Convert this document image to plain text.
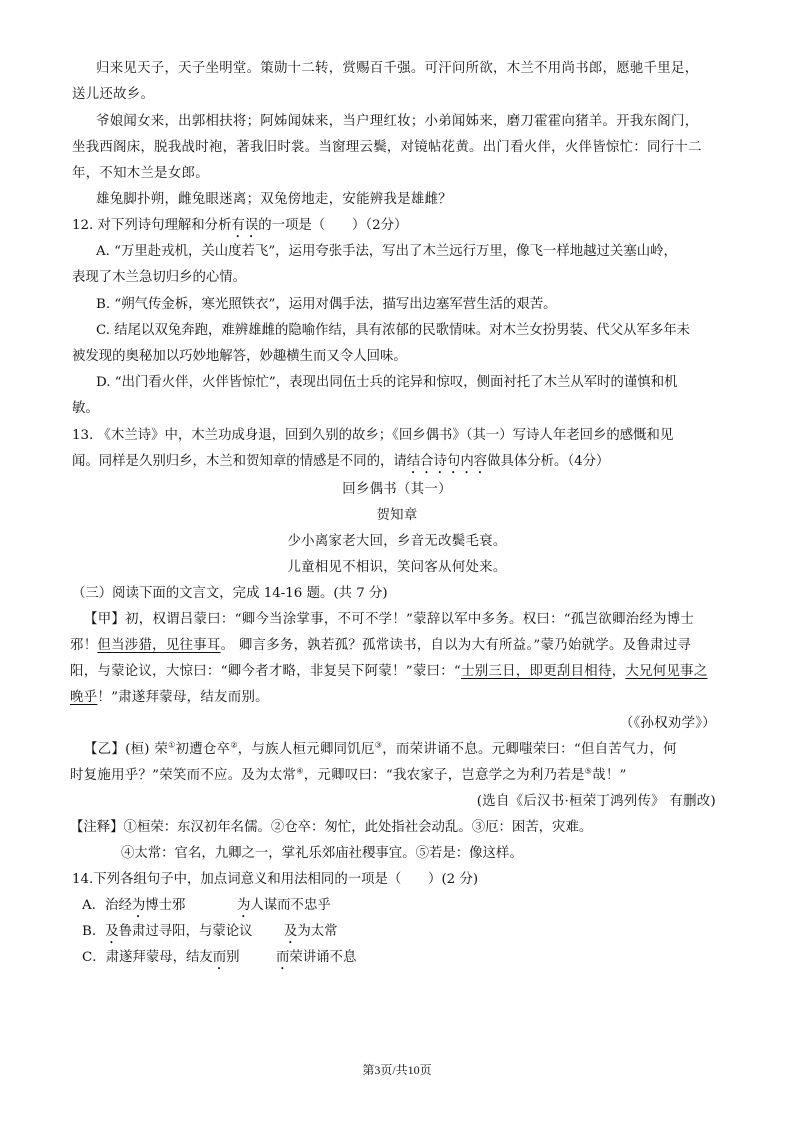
归来见天子，天子坐明堂。策勋十二转，赏赐百千强。可汗问所欲，木兰不用尚书郎，愿驰千里足，
送儿还故乡。
爷娘闻女来，出郭相扶将；阿姊闻妹来，当户理红妆；小弟闻姊来，磨刀霍霍向猪羊。开我东阁门，
坐我西阁床，脱我战时袍，著我旧时裳。当窗理云鬓，对镜帖花黄。出门看火伴，火伴皆惊忙：同行十二
年，不知木兰是女郎。
雄兔脚扑朔，雌兔眼迷离；双兔傍地走，安能辨我是雄雌？
12. 对下列诗句理解和分析有误的一项是（　　）（2分）
A. “万里赴戎机，关山度若飞”，运用夸张手法，写出了木兰远行万里，像飞一样地越过关塞山岭，
表现了木兰急切归乡的心情。
B. “朔气传金柝，寒光照铁衣”，运用对偶手法，描写出边塞军营生活的艰苦。
C. 结尾以双兔奔跑，难辨雄雌的隐喻作结，具有浓郁的民歌情味。对木兰女扮男装、代父从军多年未
被发现的奥秘加以巧妙地解答，妙趣横生而又令人回味。
D. “出门看火伴，火伴皆惊忙”，表现出同伍士兵的诧异和惊叹，侧面衬托了木兰从军时的谨慎和机
敏。
13. 《木兰诗》中，木兰功成身退，回到久别的故乡；《回乡偶书》（其一）写诗人年老回乡的感慨和见
闻。同样是久别归乡，木兰和贺知章的情感是不同的，请结合诗句内容做具体分析。（4分）
回乡偶书（其一）
贺知章
少小离家老大回，乡音无改鬓毛衰。
儿童相见不相识，笑问客从何处来。
（三）阅读下面的文言文，完成 14-16 题。(共 7 分)
【甲】初，权谓吕蒙曰：“卿今当涂掌事，不可不学！”蒙辞以军中多务。权曰：“孤岂欲卿治经为博士
邪！但当涉猎，见往事耳。 卿言多务，孰若孤？孤常读书，自以为大有所益。”蒙乃始就学。及鲁肃过寻
阳，与蒙论议，大惊曰：“卿今者才略，非复吴下阿蒙！”蒙曰：“士别三日，即更刮目相待，大兄何见事之
晚乎！”肃遂拜蒙母，结友而别。
（《孙权劝学》）
【乙】(桓) 荣①初遭仓卒②，与族人桓元卿同饥厄③，而荣讲诵不息。元卿嗤荣曰：“但自苦气力，何
时复施用乎？”荣笑而不应。及为太常④，元卿叹曰：“我农家子，岂意学之为利乃若是⑤哉！”
(选自《后汉书·桓荣丁鸿列传》 有删改)
【注释】①桓荣：东汉初年名儒。②仓卒：匆忙，此处指社会动乱。③厄：困苦，灾难。
④太常：官名，九卿之一，掌礼乐郊庙社稷事宜。⑤若是：像这样。
14.下列各组句子中，加点词意义和用法相同的一项是（　　）(2 分)
A．治经为博士邪	为人谋而不忠乎
B．及鲁肃过寻阳，与蒙论议 及为太常
C．肃遂拜蒙母，结友而别	而荣讲诵不息
第3页/共10页
